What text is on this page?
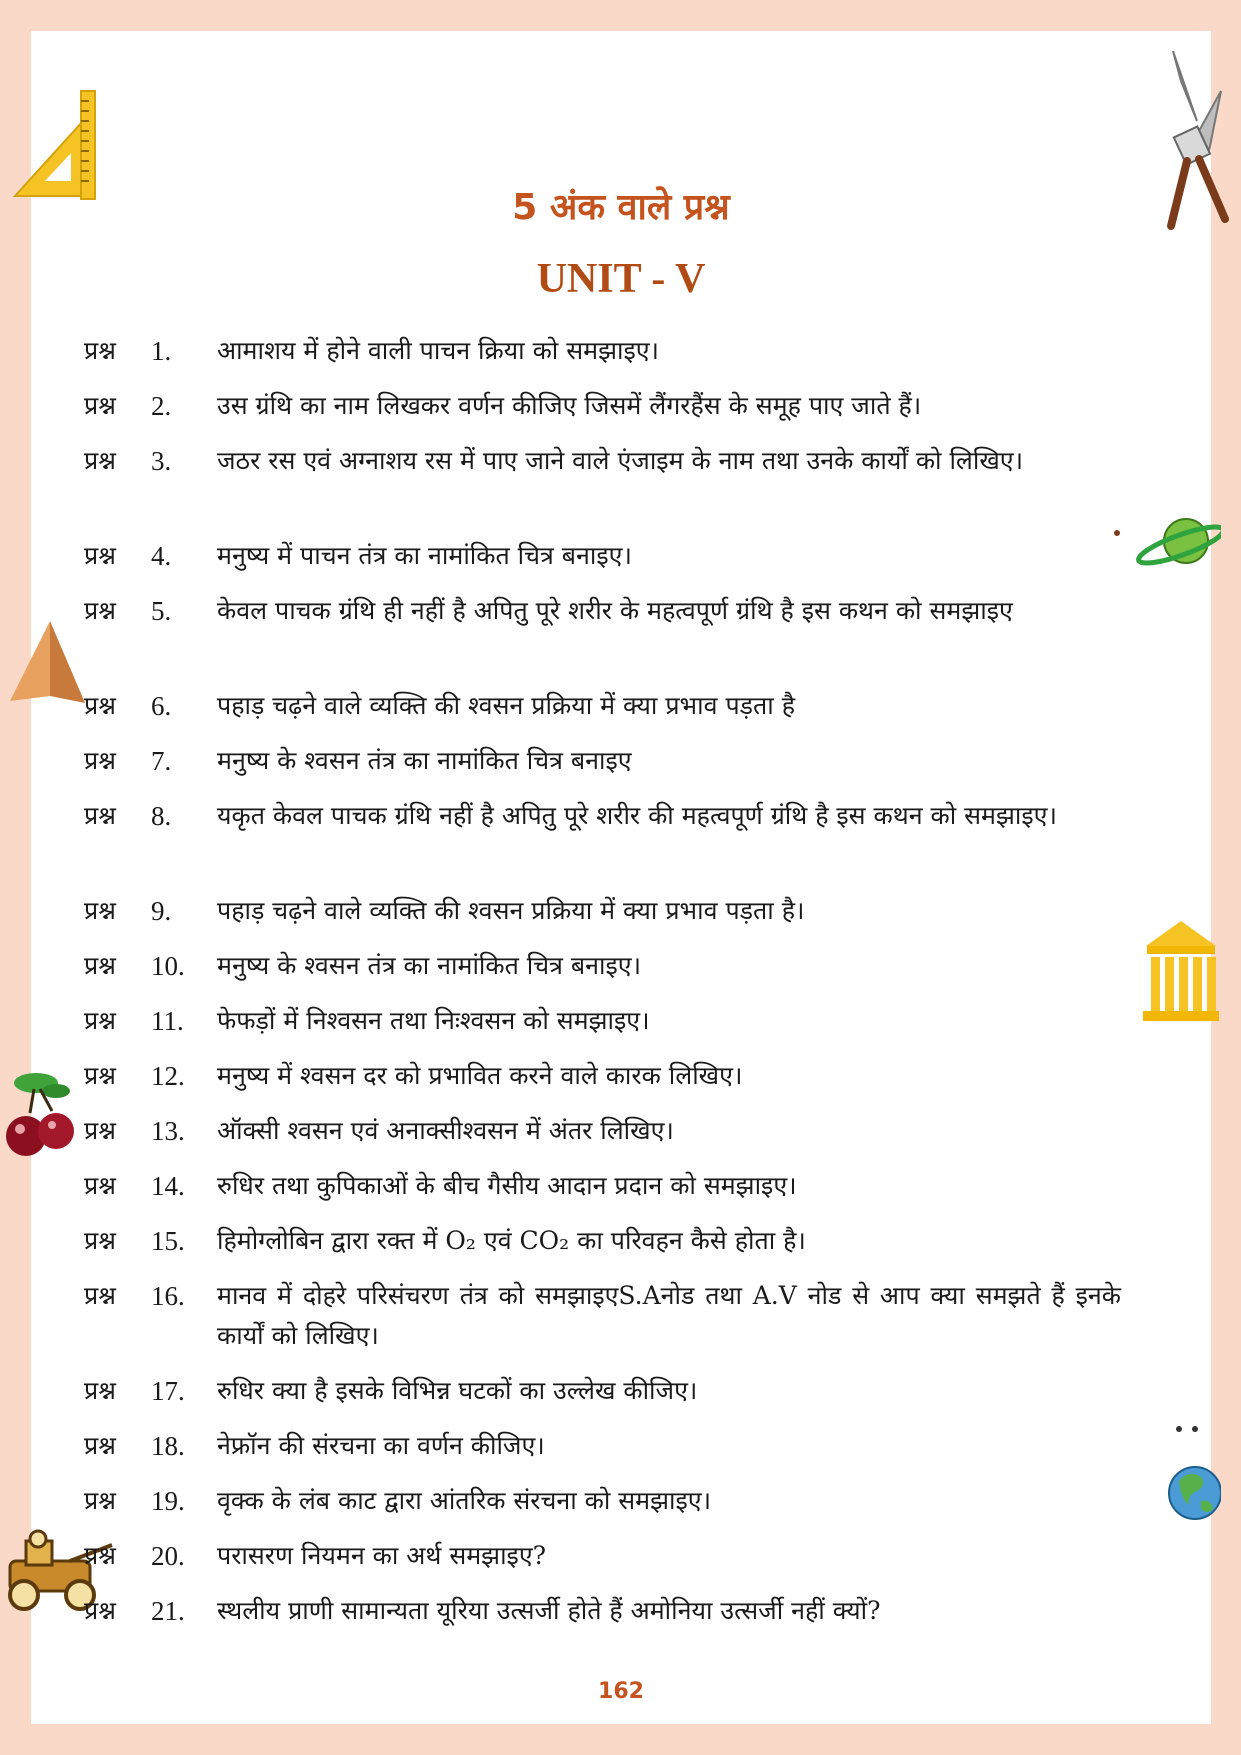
5 अंक वाले प्रश्न
UNIT - V
प्रश्न 1. आमाशय में होने वाली पाचन क्रिया को समझाइए।
प्रश्न 2. उस ग्रंथि का नाम लिखकर वर्णन कीजिए जिसमें लैंगरहैंस के समूह पाए जाते हैं।
प्रश्न 3. जठर रस एवं अग्नाशय रस में पाए जाने वाले एंजाइम के नाम तथा उनके कार्यों को लिखिए।
प्रश्न 4. मनुष्य में पाचन तंत्र का नामांकित चित्र बनाइए।
प्रश्न 5. केवल पाचक ग्रंथि ही नहीं है अपितु पूरे शरीर के महत्वपूर्ण ग्रंथि है इस कथन को समझाइए
प्रश्न 6. पहाड़ चढ़ने वाले व्यक्ति की श्वसन प्रक्रिया में क्या प्रभाव पड़ता है
प्रश्न 7. मनुष्य के श्वसन तंत्र का नामांकित चित्र बनाइए
प्रश्न 8. यकृत केवल पाचक ग्रंथि नहीं है अपितु पूरे शरीर की महत्वपूर्ण ग्रंथि है इस कथन को समझाइए।
प्रश्न 9. पहाड़ चढ़ने वाले व्यक्ति की श्वसन प्रक्रिया में क्या प्रभाव पड़ता है।
प्रश्न 10. मनुष्य के श्वसन तंत्र का नामांकित चित्र बनाइए।
प्रश्न 11. फेफड़ों में निश्वसन तथा निःश्वसन को समझाइए।
प्रश्न 12. मनुष्य में श्वसन दर को प्रभावित करने वाले कारक लिखिए।
प्रश्न 13. ऑक्सी श्वसन एवं अनाक्सीश्वसन में अंतर लिखिए।
प्रश्न 14. रुधिर तथा कुपिकाओं के बीच गैसीय आदान प्रदान को समझाइए।
प्रश्न 15. हिमोग्लोबिन द्वारा रक्त में O₂ एवं CO₂ का परिवहन कैसे होता है।
प्रश्न 16. मानव में दोहरे परिसंचरण तंत्र को समझाइएS.Aनोड तथा A.V नोड से आप क्या समझते हैं इनके कार्यों को लिखिए।
प्रश्न 17. रुधिर क्या है इसके विभिन्न घटकों का उल्लेख कीजिए।
प्रश्न 18. नेफ्रॉन की संरचना का वर्णन कीजिए।
प्रश्न 19. वृक्क के लंब काट द्वारा आंतरिक संरचना को समझाइए।
प्रश्न 20. परासरण नियमन का अर्थ समझाइए?
प्रश्न 21. स्थलीय प्राणी सामान्यता यूरिया उत्सर्जी होते हैं अमोनिया उत्सर्जी नहीं क्यों?
162
